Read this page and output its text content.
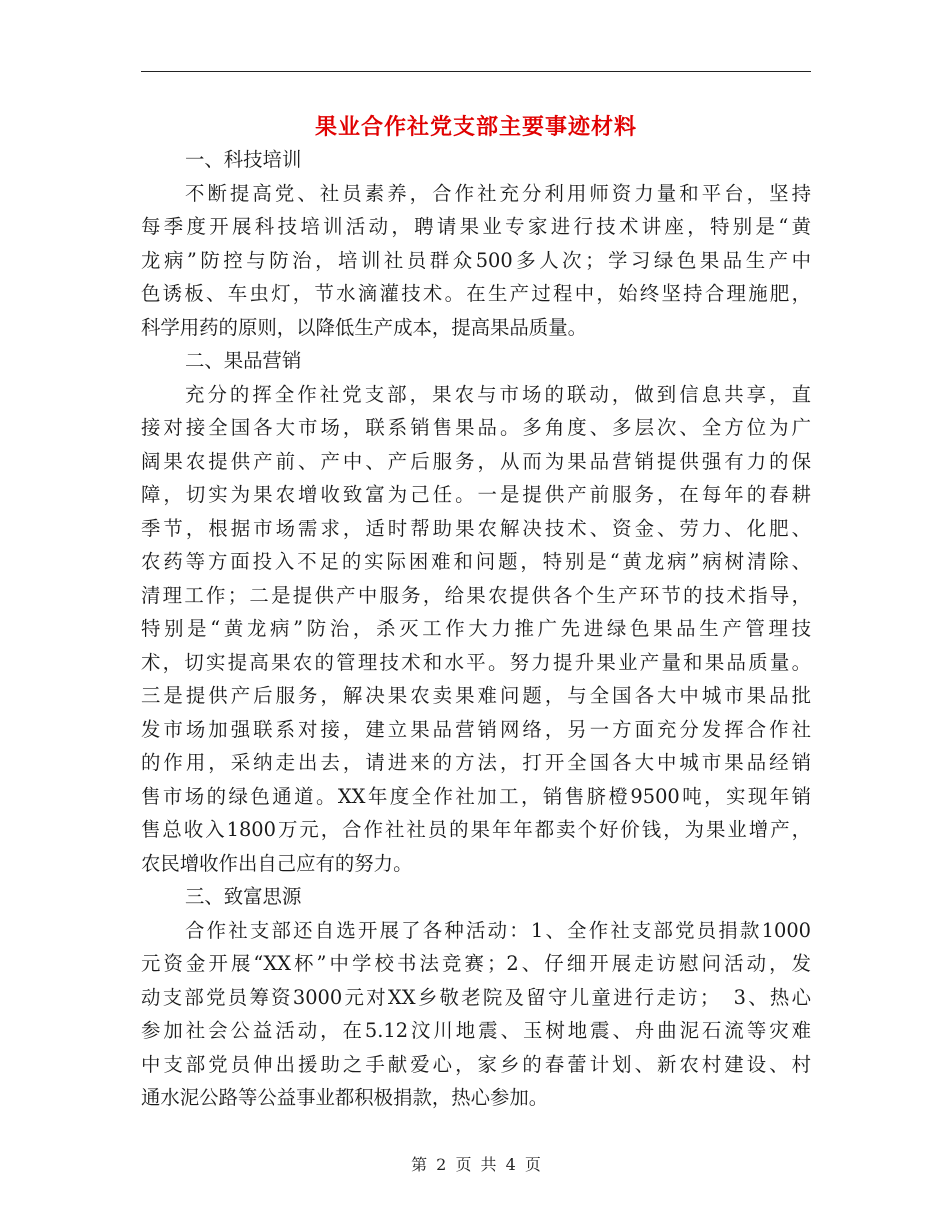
果业合作社党支部主要事迹材料
一、科技培训
不断提高党、社员素养，合作社充分利用师资力量和平台，坚持
每季度开展科技培训活动，聘请果业专家进行技术讲座，特别是“黄
龙病”防控与防治，培训社员群众500多人次；学习绿色果品生产中
色诱板、车虫灯，节水滴灌技术。在生产过程中，始终坚持合理施肥，
科学用药的原则，以降低生产成本，提高果品质量。
二、果品营销
充分的挥全作社党支部，果农与市场的联动，做到信息共享，直
接对接全国各大市场，联系销售果品。多角度、多层次、全方位为广
阔果农提供产前、产中、产后服务，从而为果品营销提供强有力的保
障，切实为果农增收致富为己任。一是提供产前服务，在每年的春耕
季节，根据市场需求，适时帮助果农解决技术、资金、劳力、化肥、
农药等方面投入不足的实际困难和问题，特别是“黄龙病”病树清除、
清理工作；二是提供产中服务，给果农提供各个生产环节的技术指导，
特别是“黄龙病”防治，杀灭工作大力推广先进绿色果品生产管理技
术，切实提高果农的管理技术和水平。努力提升果业产量和果品质量。
三是提供产后服务，解决果农卖果难问题，与全国各大中城市果品批
发市场加强联系对接，建立果品营销网络，另一方面充分发挥合作社
的作用，采纳走出去，请进来的方法，打开全国各大中城市果品经销
售市场的绿色通道。XX年度全作社加工，销售脐橙9500吨，实现年销
售总收入1800万元，合作社社员的果年年都卖个好价钱，为果业增产，
农民增收作出自己应有的努力。
三、致富思源
合作社支部还自选开展了各种活动：1、全作社支部党员捐款1000
元资金开展“XX杯”中学校书法竞赛；2、仔细开展走访慰问活动，发
动支部党员筹资3000元对XX乡敬老院及留守儿童进行走访；　3、热心
参加社会公益活动，在5.12汶川地震、玉树地震、舟曲泥石流等灾难
中支部党员伸出援助之手献爱心，家乡的春蕾计划、新农村建设、村
通水泥公路等公益事业都积极捐款，热心参加。
第 2 页 共 4 页
